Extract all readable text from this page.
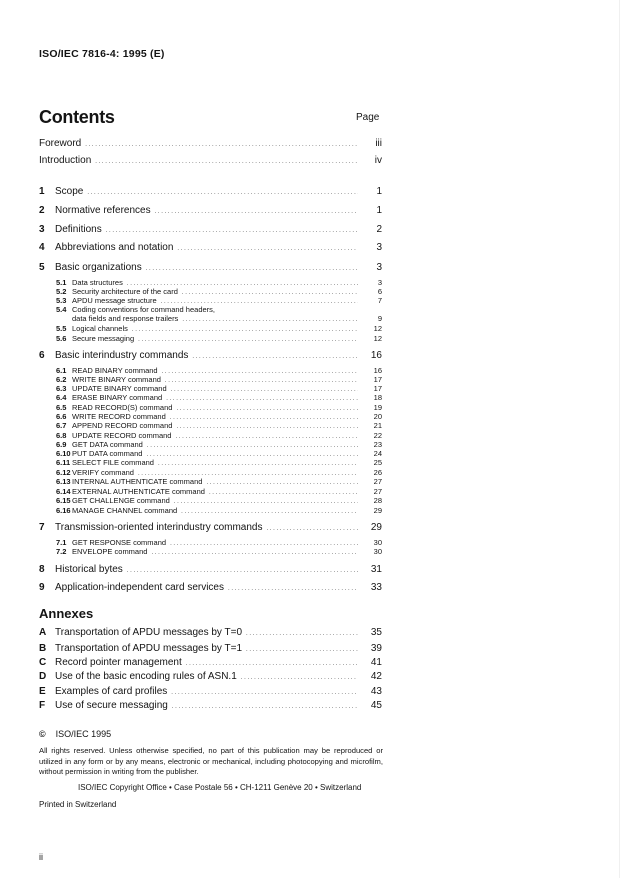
ISO/IEC 7816-4: 1995 (E)
Contents	Page
Foreword . . .	iii
Introduction . . .	iv
1	Scope . . .	1
2	Normative references . . .	1
3	Definitions . . .	2
4	Abbreviations and notation . . .	3
5	Basic organizations . . .	3
5.1 Data structures . . .	3
5.2 Security architecture of the card . . .	6
5.3 APDU message structure . . .	7
5.4 Coding conventions for command headers,
data fields and response trailers . . .	9
5.5 Logical channels . . .	12
5.6 Secure messaging . . .	12
6	Basic interindustry commands . . .	16
6.1 READ BINARY command . . .	16
6.2 WRITE BINARY command . . .	17
6.3 UPDATE BINARY command . . .	17
6.4 ERASE BINARY command . . .	18
6.5 READ RECORD(S) command . . .	19
6.6 WRITE RECORD command . . .	20
6.7 APPEND RECORD command . . .	21
6.8 UPDATE RECORD command . . .	22
6.9 GET DATA command . . .	23
6.10 PUT DATA command . . .	24
6.11 SELECT FILE command . . .	25
6.12 VERIFY command . . .	26
6.13 INTERNAL AUTHENTICATE command . . .	27
6.14 EXTERNAL AUTHENTICATE command . . .	27
6.15 GET CHALLENGE command . . .	28
6.16 MANAGE CHANNEL command . . .	29
7	Transmission-oriented interindustry commands . . .	29
7.1 GET RESPONSE command . . .	30
7.2 ENVELOPE command . . .	30
8	Historical bytes . . .	31
9	Application-independent card services . . .	33
Annexes
A Transportation of APDU messages by T=0 . . .	35
B Transportation of APDU messages by T=1 . . .	39
C Record pointer management . . .	41
D Use of the basic encoding rules of ASN.1 . . .	42
E Examples of card profiles . . .	43
F Use of secure messaging . . .	45
© ISO/IEC 1995
All rights reserved. Unless otherwise specified, no part of this publication may be reproduced or utilized in any form or by any means, electronic or mechanical, including photocopying and microfilm, without permission in writing from the publisher.
ISO/IEC Copyright Office • Case Postale 56 • CH-1211 Genève 20 • Switzerland
Printed in Switzerland
ii
